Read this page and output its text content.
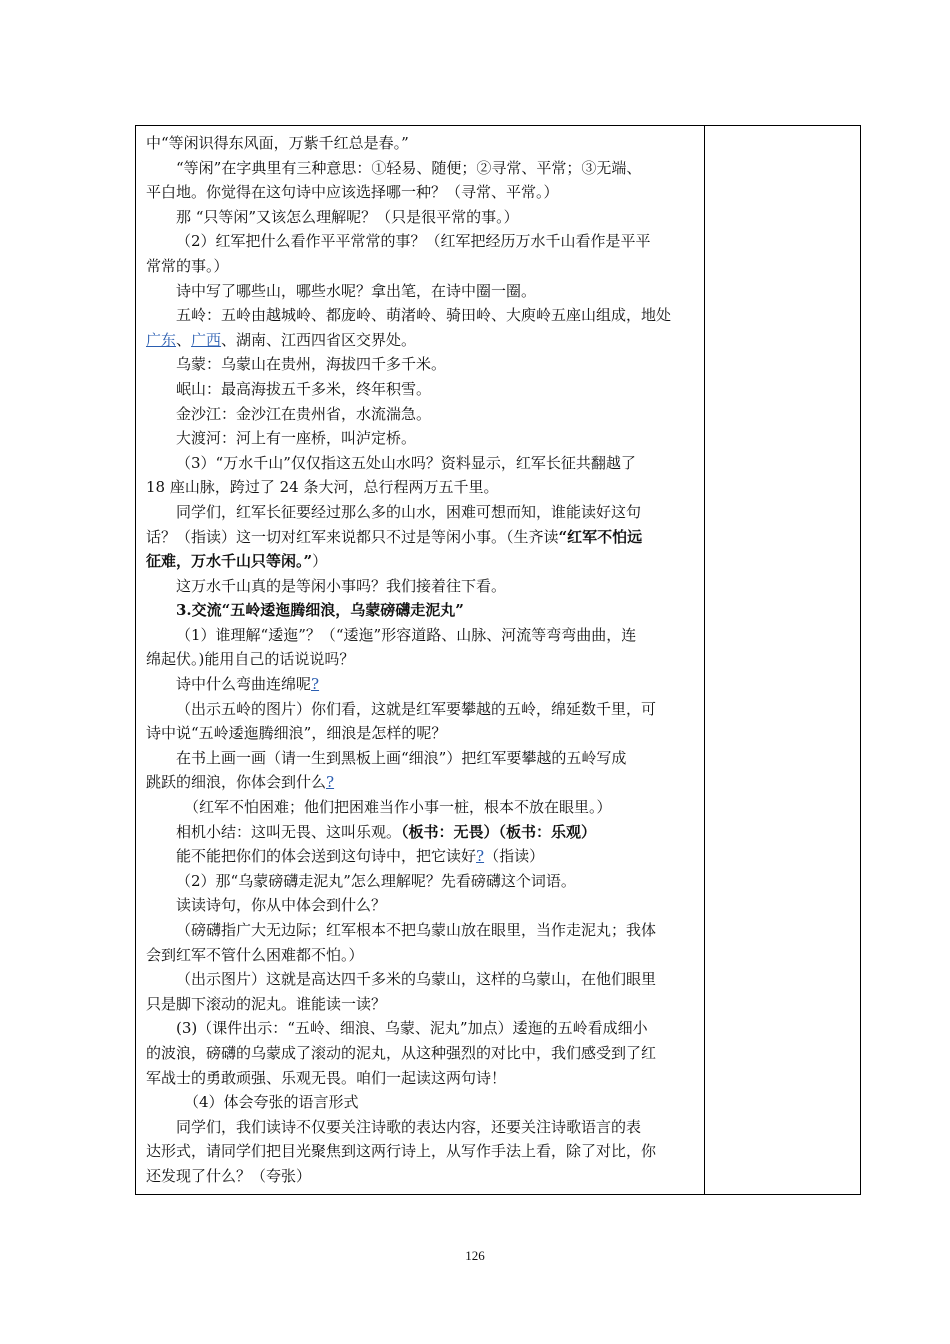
中“等闲识得东风面，万紫千红总是春。”
“等闲”在字典里有三种意思：①轻易、随便；②寻常、平常；③无端、
平白地。你觉得在这句诗中应该选择哪一种？（寻常、平常。）
那 “只等闲”又该怎么理解呢？（只是很平常的事。）
（2）红军把什么看作平平常常的事？（红军把经历万水千山看作是平平
常常的事。）
诗中写了哪些山，哪些水呢？拿出笔，在诗中圈一圈。
五岭：五岭由越城岭、都庞岭、萌渚岭、骑田岭、大庾岭五座山组成，地处
广东、广西、湖南、江西四省区交界处。
乌蒙：乌蒙山在贵州，海拔四千多千米。
岷山：最高海拔五千多米，终年积雪。
金沙江：金沙江在贵州省，水流湍急。
大渡河：河上有一座桥，叫泸定桥。
（3）“万水千山”仅仅指这五处山水吗？资料显示，红军长征共翻越了
18 座山脉，跨过了 24 条大河，总行程两万五千里。
同学们，红军长征要经过那么多的山水，困难可想而知，谁能读好这句
话？（指读）这一切对红军来说都只不过是等闲小事。（生齐读“红军不怕远
征难，万水千山只等闲。”）
这万水千山真的是等闲小事吗？我们接着往下看。
3.交流“五岭逶迤腾细浪，乌蒙磅礴走泥丸”
（1）谁理解“逶迤”？（“逶迤”形容道路、山脉、河流等弯弯曲曲，连
绵起伏。)能用自己的话说说吗？
诗中什么弯曲连绵呢?
（出示五岭的图片）你们看，这就是红军要攀越的五岭，绵延数千里，可
诗中说“五岭逶迤腾细浪”，细浪是怎样的呢？
在书上画一画（请一生到黑板上画“细浪”）把红军要攀越的五岭写成
跳跃的细浪，你体会到什么?
（红军不怕困难；他们把困难当作小事一桩，根本不放在眼里。）
相机小结：这叫无畏、这叫乐观。（板书：无畏）（板书：乐观）
能不能把你们的体会送到这句诗中，把它读好?（指读）
（2）那“乌蒙磅礴走泥丸”怎么理解呢？先看磅礴这个词语。
读读诗句，你从中体会到什么？
（磅礴指广大无边际；红军根本不把乌蒙山放在眼里，当作走泥丸；我体
会到红军不管什么困难都不怕。）
（出示图片）这就是高达四千多米的乌蒙山，这样的乌蒙山，在他们眼里
只是脚下滚动的泥丸。谁能读一读？
(3)（课件出示：“五岭、细浪、乌蒙、泥丸”加点）逶迤的五岭看成细小
的波浪，磅礴的乌蒙成了滚动的泥丸，从这种强烈的对比中，我们感受到了红
军战士的勇敢顽强、乐观无畏。咱们一起读这两句诗！
（4）体会夸张的语言形式
同学们，我们读诗不仅要关注诗歌的表达内容，还要关注诗歌语言的表
达形式，请同学们把目光聚焦到这两行诗上，从写作手法上看，除了对比，你
还发现了什么？（夸张）
126
